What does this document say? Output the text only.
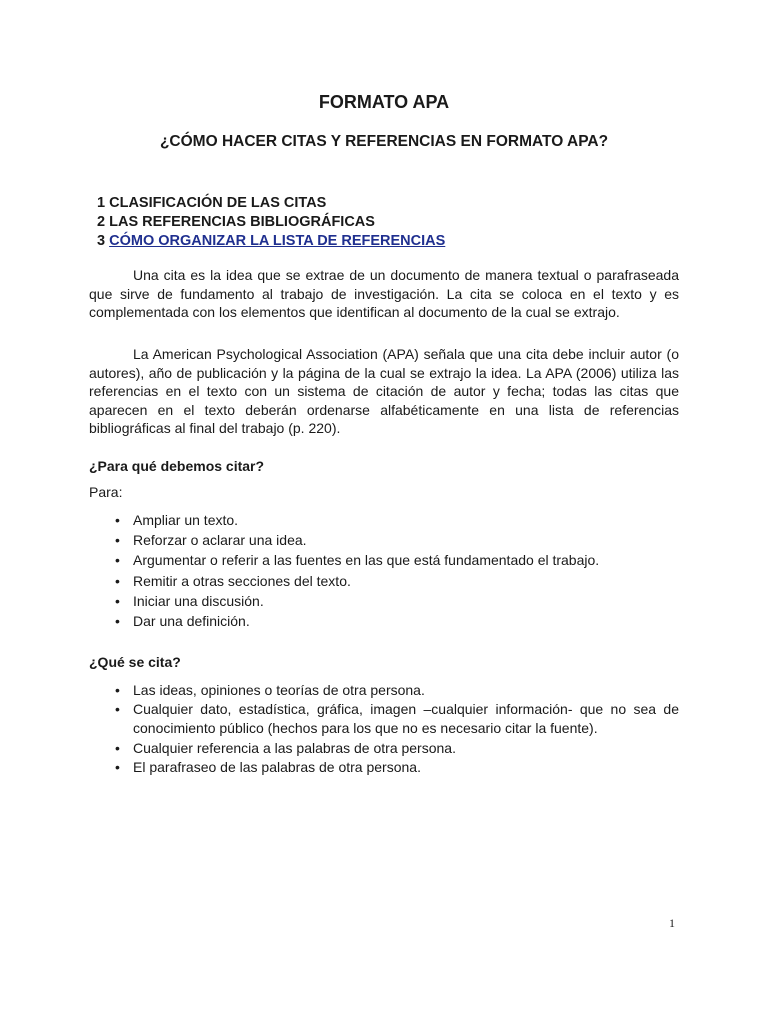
FORMATO APA
¿CÓMO HACER CITAS Y REFERENCIAS EN FORMATO APA?
1 CLASIFICACIÓN DE LAS CITAS
2 LAS REFERENCIAS BIBLIOGRÁFICAS
3 CÓMO ORGANIZAR LA LISTA DE REFERENCIAS

Una cita es la idea que se extrae de un documento de manera textual o parafraseada que sirve de fundamento al trabajo de investigación. La cita se coloca en el texto y es complementada con los elementos que identifican al documento de la cual se extrajo.

La American Psychological Association (APA) señala que una cita debe incluir autor (o autores), año de publicación y la página de la cual se extrajo la idea. La APA (2006) utiliza las referencias en el texto con un sistema de citación de autor y fecha; todas las citas que aparecen en el texto deberán ordenarse alfabéticamente en una lista de referencias bibliográficas al final del trabajo (p. 220).

¿Para qué debemos citar?

Para:

• Ampliar un texto.
• Reforzar o aclarar una idea.
• Argumentar o referir a las fuentes en las que está fundamentado el trabajo.
• Remitir a otras secciones del texto.
• Iniciar una discusión.
• Dar una definición.
¿Qué se cita?
• Las ideas, opiniones o teorías de otra persona.
• Cualquier dato, estadística, gráfica, imagen –cualquier información- que no sea de conocimiento público (hechos para los que no es necesario citar la fuente).
• Cualquier referencia a las palabras de otra persona.
• El parafraseo de las palabras de otra persona.
1
